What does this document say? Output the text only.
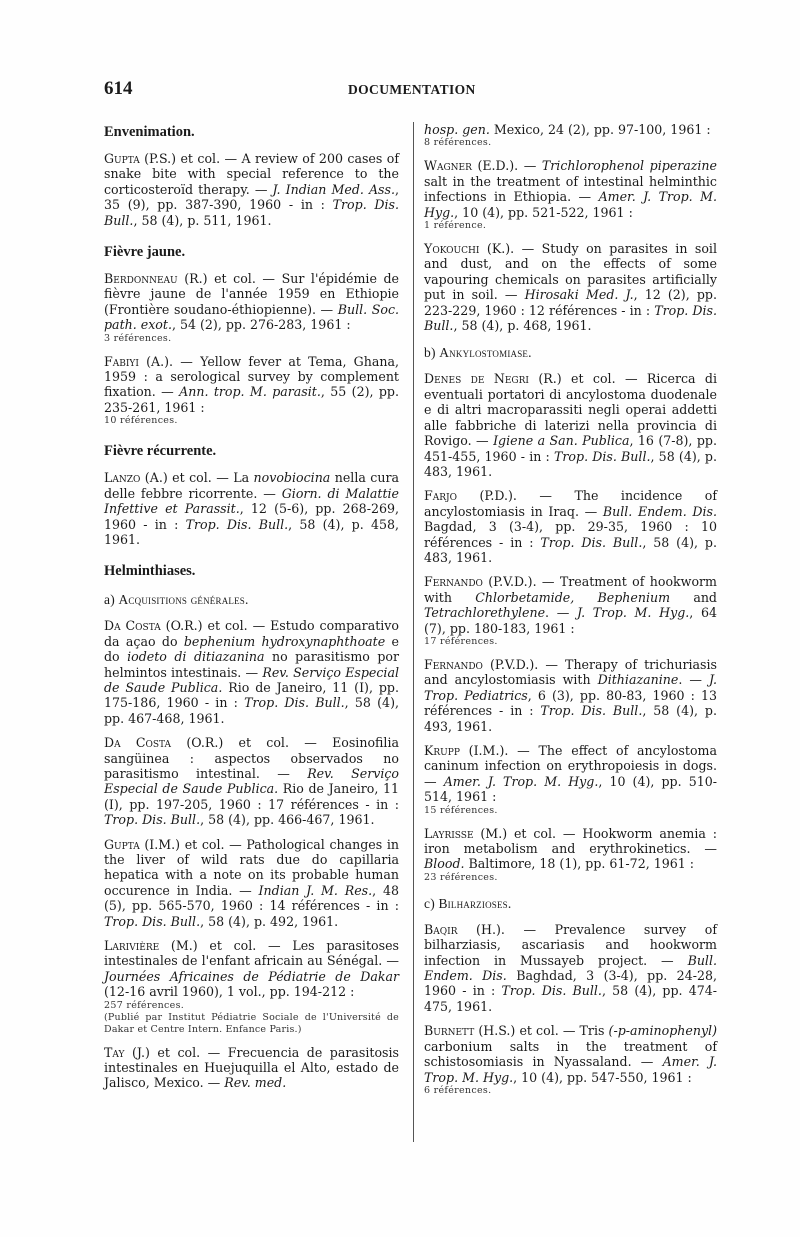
614	DOCUMENTATION
Envenimation.

Gupta (P.S.) et col. — A review of 200 cases of snake bite with special reference to the corticosteroïd therapy. — J. Indian Med. Ass., 35 (9), pp. 387-390, 1960 - in : Trop. Dis. Bull., 58 (4), p. 511, 1961.

Fièvre jaune.

Berdonneau (R.) et col. — Sur l'épidémie de fièvre jaune de l'année 1959 en Ethiopie (Frontière soudano-éthiopienne). — Bull. Soc. path. exot., 54 (2), pp. 276-283, 1961 :
3 références.

Fabiyi (A.). — Yellow fever at Tema, Ghana, 1959 : a serological survey by complement fixation. — Ann. trop. M. parasit., 55 (2), pp. 235-261, 1961 :
10 références.

Fièvre récurrente.

Lanzo (A.) et col. — La novobiocina nella cura delle febbre ricorrente. — Giorn. di Malattie Infettive et Parassit., 12 (5-6), pp. 268-269, 1960 - in : Trop. Dis. Bull., 58 (4), p. 458, 1961.

Helminthiases.
a) Acquisitions générales.

Da Costa (O.R.) et col. — Estudo comparativo da açao do bephenium hydroxynaphthoate e do iodeto di ditiazanina no parasitismo por helmintos intestinais. — Rev. Serviço Especial de Saude Publica. Rio de Janeiro, 11 (I), pp. 175-186, 1960 - in : Trop. Dis. Bull., 58 (4), pp. 467-468, 1961.

Da Costa (O.R.) et col. — Eosinofilia sangüinea : aspectos observados no parasitismo intestinal. — Rev. Serviço Especial de Saude Publica. Rio de Janeiro, 11 (I), pp. 197-205, 1960 : 17 références - in : Trop. Dis. Bull., 58 (4), pp. 466-467, 1961.

Gupta (I.M.) et col. — Pathological changes in the liver of wild rats due do capillaria hepatica with a note on its probable human occurence in India. — Indian J. M. Res., 48 (5), pp. 565-570, 1960 : 14 références - in : Trop. Dis. Bull., 58 (4), p. 492, 1961.

Larivière (M.) et col. — Les parasitoses intestinales de l'enfant africain au Sénégal. — Journées Africaines de Pédiatrie de Dakar (12-16 avril 1960), 1 vol., pp. 194-212 :
257 références.
(Publié par Institut Pédiatrie Sociale de l'Université de Dakar et Centre Intern. Enfance Paris.)

Tay (J.) et col. — Frecuencia de parasitosis intestinales en Huejuquilla el Alto, estado de Jalisco, Mexico. — Rev. med.

hosp. gen. Mexico, 24 (2), pp. 97-100, 1961 :
8 références.

Wagner (E.D.). — Trichlorophenol piperazine salt in the treatment of intestinal helminthic infections in Ethiopia. — Amer. J. Trop. M. Hyg., 10 (4), pp. 521-522, 1961 :
1 référence.

Yokouchi (K.). — Study on parasites in soil and dust, and on the effects of some vapouring chemicals on parasites artificially put in soil. — Hirosaki Med. J., 12 (2), pp. 223-229, 1960 : 12 références - in : Trop. Dis. Bull., 58 (4), p. 468, 1961.

b) Ankylostomiase.

Denes de Negri (R.) et col. — Ricerca di eventuali portatori di ancylostoma duodenale e di altri macroparassiti negli operai addetti alle fabbriche di laterizi nella provincia di Rovigo. — Igiene a San. Publica, 16 (7-8), pp. 451-455, 1960 - in : Trop. Dis. Bull., 58 (4), p. 483, 1961.

Farjo (P.D.). — The incidence of ancylostomiasis in Iraq. — Bull. Endem. Dis. Bagdad, 3 (3-4), pp. 29-35, 1960 : 10 références - in : Trop. Dis. Bull., 58 (4), p. 483, 1961.

Fernando (P.V.D.). — Treatment of hookworm with Chlorbetamide, Bephenium and Tetrachlorethylene. — J. Trop. M. Hyg., 64 (7), pp. 180-183, 1961 :
17 références.

Fernando (P.V.D.). — Therapy of trichuriasis and ancylostomiasis with Dithiazanine. — J. Trop. Pediatrics, 6 (3), pp. 80-83, 1960 : 13 références - in : Trop. Dis. Bull., 58 (4), p. 493, 1961.

Krupp (I.M.). — The effect of ancylostoma caninum infection on erythropoiesis in dogs. — Amer. J. Trop. M. Hyg., 10 (4), pp. 510-514, 1961 :
15 références.

Layrisse (M.) et col. — Hookworm anemia : iron metabolism and erythrokinetics. — Blood. Baltimore, 18 (1), pp. 61-72, 1961 :
23 références.

c) Bilharzioses.

Baqir (H.). — Prevalence survey of bilharziasis, ascariasis and hookworm infection in Mussayeb project. — Bull. Endem. Dis. Baghdad, 3 (3-4), pp. 24-28, 1960 - in : Trop. Dis. Bull., 58 (4), pp. 474-475, 1961.

Burnett (H.S.) et col. — Tris (-p-aminophenyl) carbonium salts in the treatment of schistosomiasis in Nyassaland. — Amer. J. Trop. M. Hyg., 10 (4), pp. 547-550, 1961 :
6 références.
